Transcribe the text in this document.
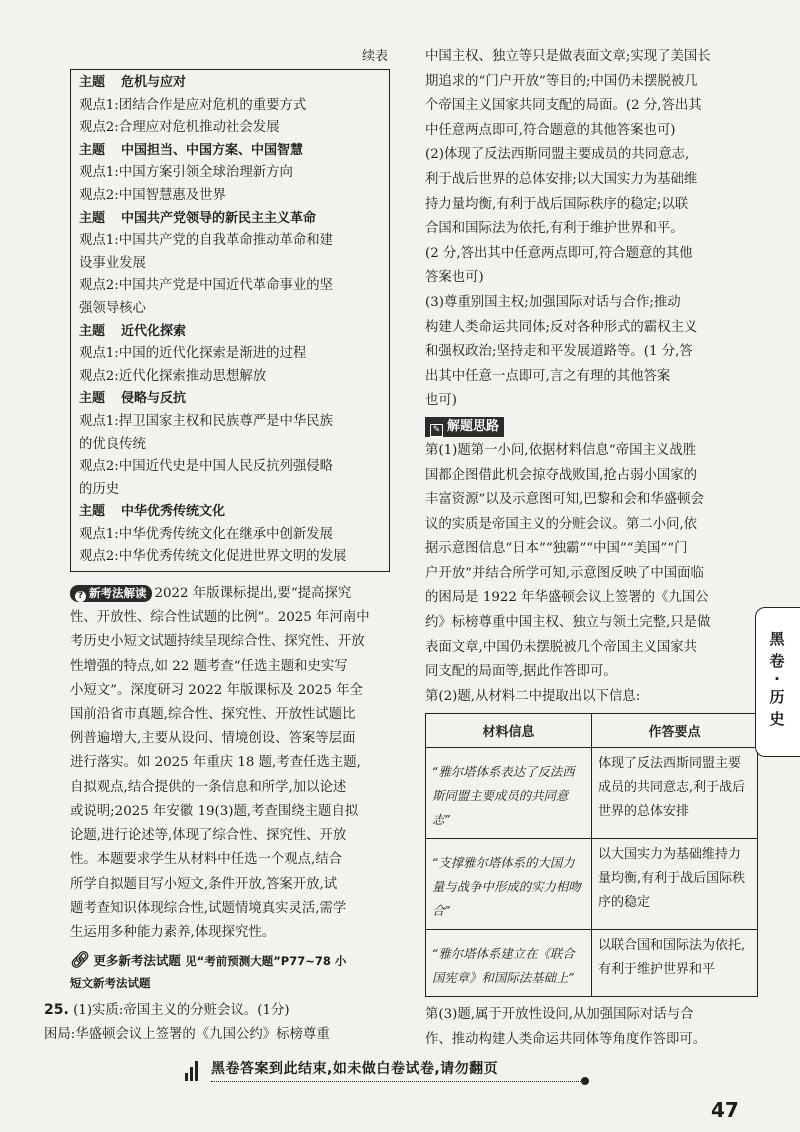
续表
主题 危机与应对
观点1:团结合作是应对危机的重要方式
观点2:合理应对危机推动社会发展
主题 中国担当、中国方案、中国智慧
观点1:中国方案引领全球治理新方向
观点2:中国智慧惠及世界
主题 中国共产党领导的新民主主义革命
观点1:中国共产党的自我革命推动革命和建
设事业发展
观点2:中国共产党是中国近代革命事业的坚
强领导核心
主题 近代化探索
观点1:中国的近代化探索是渐进的过程
观点2:近代化探索推动思想解放
主题 侵略与反抗
观点1:捍卫国家主权和民族尊严是中华民族
的优良传统
观点2:中国近代史是中国人民反抗列强侵略
的历史
主题 中华优秀传统文化
观点1:中华优秀传统文化在继承中创新发展
观点2:中华优秀传统文化促进世界文明的发展
? 新考法解读 2022 年版课标提出,要“提高探究
性、开放性、综合性试题的比例”。2025 年河南中
考历史小短文试题持续呈现综合性、探究性、开放
性增强的特点,如 22 题考查“任选主题和史实写
小短文”。深度研习 2022 年版课标及 2025 年全
国前沿省市真题,综合性、探究性、开放性试题比
例普遍增大,主要从设问、情境创设、答案等层面
进行落实。如 2025 年重庆 18 题,考查任选主题,
自拟观点,结合提供的一条信息和所学,加以论述
或说明;2025 年安徽 19(3)题,考查围绕主题自拟
论题,进行论述等,体现了综合性、探究性、开放
性。本题要求学生从材料中任选一个观点,结合
所学自拟题目写小短文,条件开放,答案开放,试
题考查知识体现综合性,试题情境真实灵活,需学
生运用多种能力素养,体现探究性。
🔗︎ 更多新考法试题 见“考前预测大题”P77~78 小
短文新考法试题
25. (1)实质:帝国主义的分赃会议。(1分)
困局:华盛顿会议上签署的《九国公约》标榜尊重
中国主权、独立等只是做表面文章;实现了美国长
期追求的“门户开放”等目的;中国仍未摆脱被几
个帝国主义国家共同支配的局面。(2 分,答出其
中任意两点即可,符合题意的其他答案也可)
(2)体现了反法西斯同盟主要成员的共同意志,
利于战后世界的总体安排;以大国实力为基础维
持力量均衡,有利于战后国际秩序的稳定;以联
合国和国际法为依托,有利于维护世界和平。
(2 分,答出其中任意两点即可,符合题意的其他
答案也可)
(3)尊重别国主权;加强国际对话与合作;推动
构建人类命运共同体;反对各种形式的霸权主义
和强权政治;坚持走和平发展道路等。(1 分,答
出其中任意一点即可,言之有理的其他答案
也可)
✎ 解题思路
第(1)题第一小问,依据材料信息“帝国主义战胜
国都企图借此机会掠夺战败国,抢占弱小国家的
丰富资源”以及示意图可知,巴黎和会和华盛顿会
议的实质是帝国主义的分赃会议。第二小问,依
据示意图信息“日本”“独霸”“中国”“美国”“门
户开放”并结合所学可知,示意图反映了中国面临
的困局是 1922 年华盛顿会议上签署的《九国公
约》标榜尊重中国主权、独立与领土完整,只是做
表面文章,中国仍未摆脱被几个帝国主义国家共
同支配的局面等,据此作答即可。
第(2)题,从材料二中提取出以下信息:
材料信息	作答要点
“雅尔塔体系表达了反法西斯同盟主要成员的共同意志”	体现了反法西斯同盟主要成员的共同意志,利于战后世界的总体安排
“支撑雅尔塔体系的大国力量与战争中形成的实力相吻合”	以大国实力为基础维持力量均衡,有利于战后国际秩序的稳定
“雅尔塔体系建立在《联合国宪章》和国际法基础上”	以联合国和国际法为依托,有利于维护世界和平
第(3)题,属于开放性设问,从加强国际对话与合
作、推动构建人类命运共同体等角度作答即可。
黑
卷
·
历
史
黑卷答案到此结束,如未做白卷试卷,请勿翻页
47
